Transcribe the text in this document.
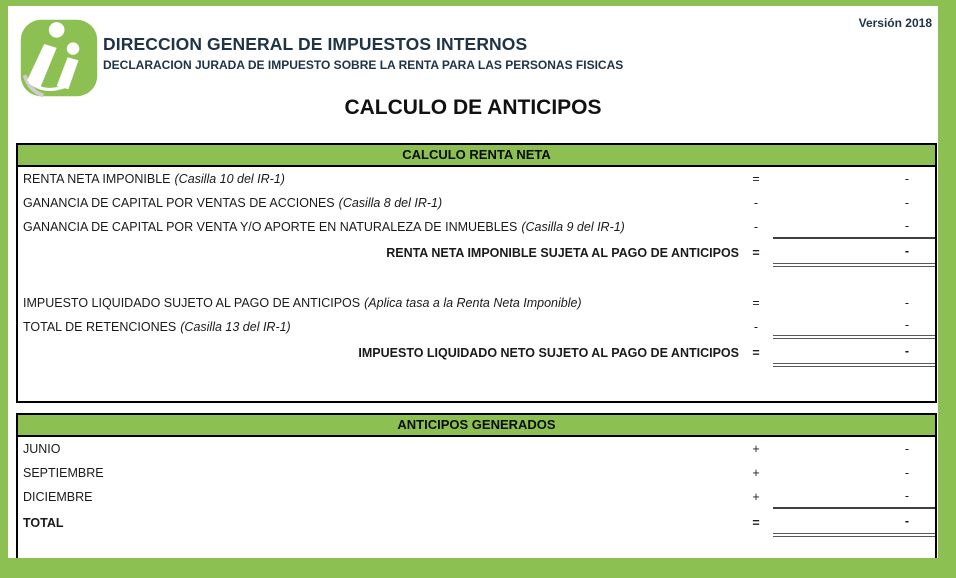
DIRECCION GENERAL DE IMPUESTOS INTERNOS
DECLARACION JURADA DE IMPUESTO SOBRE LA RENTA PARA LAS PERSONAS FISICAS
Versión 2018
CALCULO DE ANTICIPOS
CALCULO RENTA NETA
RENTA NETA IMPONIBLE (Casilla 10 del IR-1)	=	-
GANANCIA DE CAPITAL POR VENTAS DE ACCIONES (Casilla 8 del IR-1)	-	-
GANANCIA DE CAPITAL POR VENTA Y/O APORTE EN NATURALEZA DE INMUEBLES (Casilla 9 del IR-1)	-	-
RENTA NETA IMPONIBLE SUJETA AL PAGO DE ANTICIPOS	=	-
IMPUESTO LIQUIDADO SUJETO AL PAGO DE ANTICIPOS (Aplica tasa a la Renta Neta Imponible)	=	-
TOTAL DE RETENCIONES (Casilla 13 del IR-1)	-	-
IMPUESTO LIQUIDADO NETO SUJETO AL PAGO DE ANTICIPOS	=	-
ANTICIPOS GENERADOS
JUNIO	+	-
SEPTIEMBRE	+	-
DICIEMBRE	+	-
TOTAL	=	-
